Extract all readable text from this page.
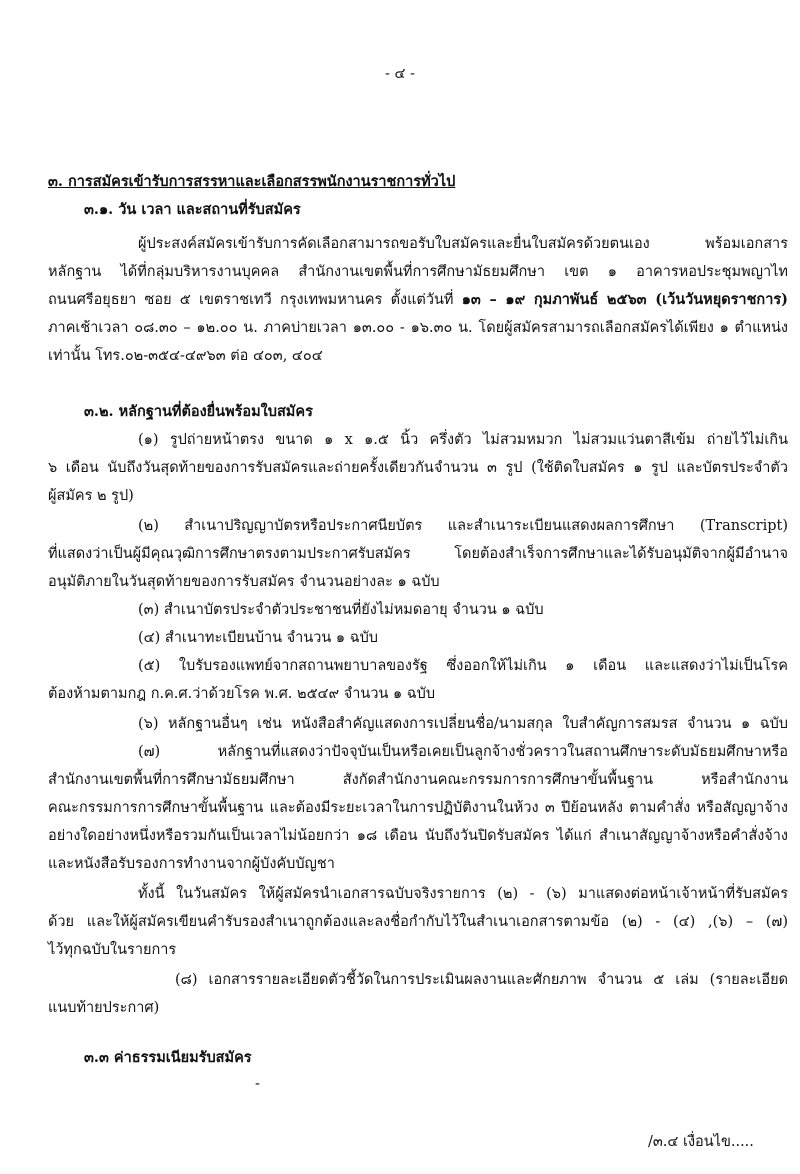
- ๔ -
๓. การสมัครเข้ารับการสรรหาและเลือกสรรพนักงานราชการทั่วไป
๓.๑. วัน เวลา และสถานที่รับสมัคร
ผู้ประสงค์สมัครเข้ารับการคัดเลือกสามารถขอรับใบสมัครและยื่นใบสมัครด้วยตนเอง พร้อมเอกสาร
หลักฐาน ได้ที่กลุ่มบริหารงานบุคคล สำนักงานเขตพื้นที่การศึกษามัธยมศึกษา เขต ๑ อาคารหอประชุมพญาไท
ถนนศรีอยุธยา ซอย ๕ เขตราชเทวี กรุงเทพมหานคร ตั้งแต่วันที่ ๑๓ – ๑๙ กุมภาพันธ์ ๒๕๖๓ (เว้นวันหยุดราชการ)
ภาคเช้าเวลา ๐๘.๓๐ – ๑๒.๐๐ น. ภาคบ่ายเวลา ๑๓.๐๐ - ๑๖.๓๐ น. โดยผู้สมัครสามารถเลือกสมัครได้เพียง ๑ ตำแหน่ง
เท่านั้น โทร.๐๒-๓๕๔-๔๙๖๓ ต่อ ๔๐๓, ๔๐๔
๓.๒. หลักฐานที่ต้องยื่นพร้อมใบสมัคร
(๑) รูปถ่ายหน้าตรง ขนาด ๑ x ๑.๕ นิ้ว ครึ่งตัว ไม่สวมหมวก ไม่สวมแว่นตาสีเข้ม ถ่ายไว้ไม่เกิน
๖ เดือน นับถึงวันสุดท้ายของการรับสมัครและถ่ายครั้งเดียวกันจำนวน ๓ รูป (ใช้ติดใบสมัคร ๑ รูป และบัตรประจำตัว
ผู้สมัคร ๒ รูป)
(๒) สำเนาปริญญาบัตรหรือประกาศนียบัตร และสำเนาระเบียนแสดงผลการศึกษา (Transcript)
ที่แสดงว่าเป็นผู้มีคุณวุฒิการศึกษาตรงตามประกาศรับสมัคร โดยต้องสำเร็จการศึกษาและได้รับอนุมัติจากผู้มีอำนาจ
อนุมัติภายในวันสุดท้ายของการรับสมัคร จำนวนอย่างละ ๑ ฉบับ
(๓) สำเนาบัตรประจำตัวประชาชนที่ยังไม่หมดอายุ จำนวน ๑ ฉบับ
(๔) สำเนาทะเบียนบ้าน จำนวน ๑ ฉบับ
(๕) ใบรับรองแพทย์จากสถานพยาบาลของรัฐ ซึ่งออกให้ไม่เกิน ๑ เดือน และแสดงว่าไม่เป็นโรค
ต้องห้ามตามกฎ ก.ค.ศ.ว่าด้วยโรค พ.ศ. ๒๕๔๙ จำนวน ๑ ฉบับ
(๖) หลักฐานอื่นๆ เช่น หนังสือสำคัญแสดงการเปลี่ยนชื่อ/นามสกุล ใบสำคัญการสมรส จำนวน ๑ ฉบับ
(๗) หลักฐานที่แสดงว่าปัจจุบันเป็นหรือเคยเป็นลูกจ้างชั่วคราวในสถานศึกษาระดับมัธยมศึกษาหรือ
สำนักงานเขตพื้นที่การศึกษามัธยมศึกษา สังกัดสำนักงานคณะกรรมการการศึกษาขั้นพื้นฐาน หรือสำนักงาน
คณะกรรมการการศึกษาขั้นพื้นฐาน และต้องมีระยะเวลาในการปฏิบัติงานในห้วง ๓ ปีย้อนหลัง ตามคำสั่ง หรือสัญญาจ้าง
อย่างใดอย่างหนึ่งหรือรวมกันเป็นเวลาไม่น้อยกว่า ๑๘ เดือน นับถึงวันปิดรับสมัคร ได้แก่ สำเนาสัญญาจ้างหรือคำสั่งจ้าง
และหนังสือรับรองการทำงานจากผู้บังคับบัญชา
ทั้งนี้ ในวันสมัคร ให้ผู้สมัครนำเอกสารฉบับจริงรายการ (๒) - (๖) มาแสดงต่อหน้าเจ้าหน้าที่รับสมัคร
ด้วย และให้ผู้สมัครเขียนคำรับรองสำเนาถูกต้องและลงชื่อกำกับไว้ในสำเนาเอกสารตามข้อ (๒) - (๔) ,(๖) – (๗)
ไว้ทุกฉบับในรายการ
(๘) เอกสารรายละเอียดตัวชี้วัดในการประเมินผลงานและศักยภาพ จำนวน ๕ เล่ม (รายละเอียด
แนบท้ายประกาศ)
๓.๓ ค่าธรรมเนียมรับสมัคร
-
/๓.๔ เงื่อนไข.....
